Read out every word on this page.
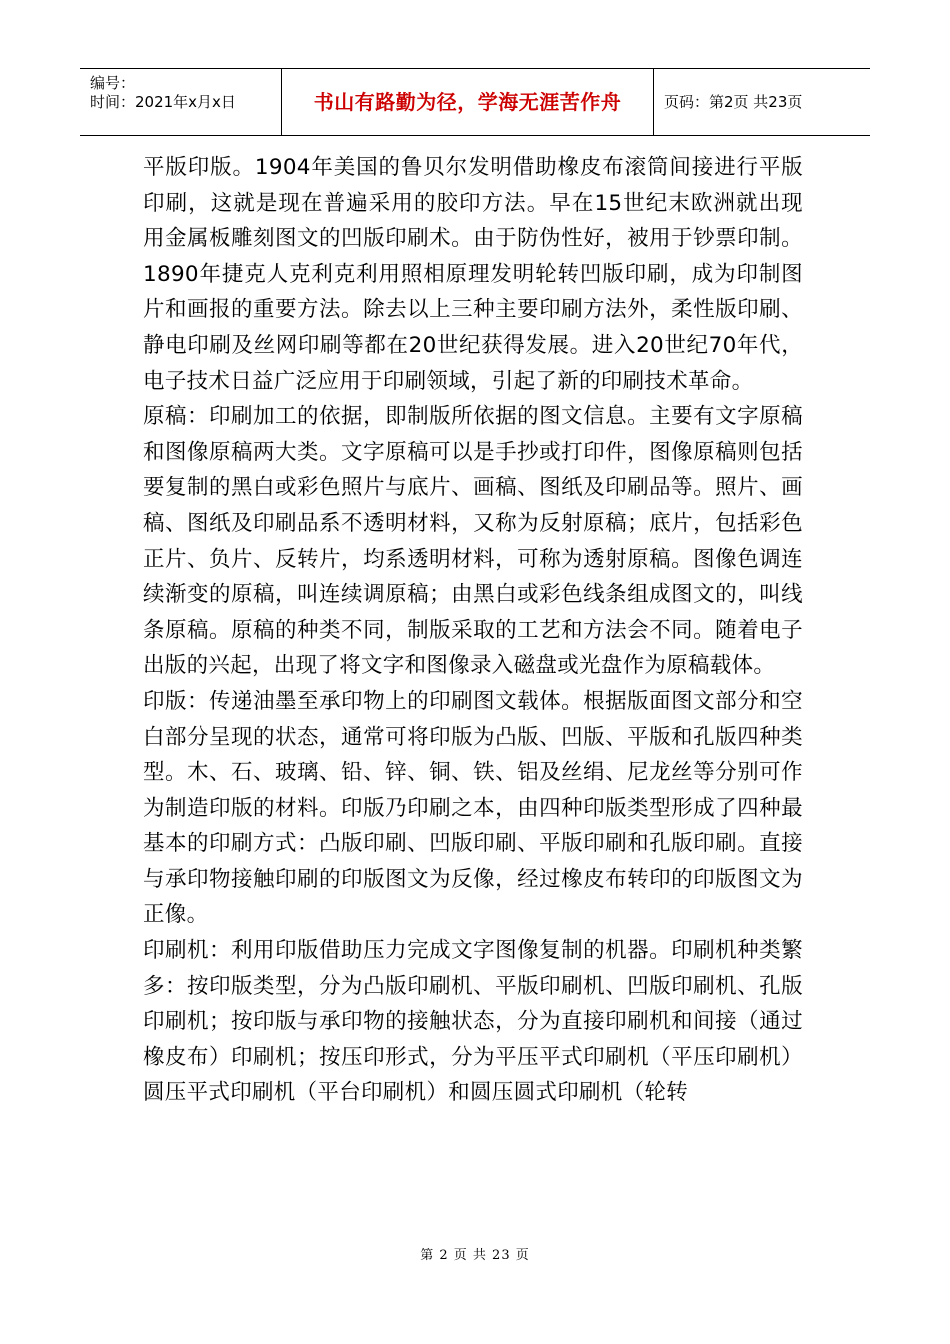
编号：
时间：2021年x月x日	书山有路勤为径，学海无涯苦作舟	页码：第2页 共23页

平版印版。1904年美国的鲁贝尔发明借助橡皮布滚筒间接进行平版印刷，这就是现在普遍采用的胶印方法。早在15世纪末欧洲就出现用金属板雕刻图文的凹版印刷术。由于防伪性好，被用于钞票印制。1890年捷克人克利克利用照相原理发明轮转凹版印刷，成为印制图片和画报的重要方法。除去以上三种主要印刷方法外，柔性版印刷、静电印刷及丝网印刷等都在20世纪获得发展。进入20世纪70年代，电子技术日益广泛应用于印刷领域，引起了新的印刷技术革命。

原稿：印刷加工的依据，即制版所依据的图文信息。主要有文字原稿和图像原稿两大类。文字原稿可以是手抄或打印件，图像原稿则包括要复制的黑白或彩色照片与底片、画稿、图纸及印刷品等。照片、画稿、图纸及印刷品系不透明材料，又称为反射原稿；底片，包括彩色正片、负片、反转片，均系透明材料，可称为透射原稿。图像色调连续渐变的原稿，叫连续调原稿；由黑白或彩色线条组成图文的，叫线条原稿。原稿的种类不同，制版采取的工艺和方法会不同。随着电子出版的兴起，出现了将文字和图像录入磁盘或光盘作为原稿载体。

印版：传递油墨至承印物上的印刷图文载体。根据版面图文部分和空白部分呈现的状态，通常可将印版为凸版、凹版、平版和孔版四种类型。木、石、玻璃、铅、锌、铜、铁、铝及丝绢、尼龙丝等分别可作为制造印版的材料。印版乃印刷之本，由四种印版类型形成了四种最基本的印刷方式：凸版印刷、凹版印刷、平版印刷和孔版印刷。直接与承印物接触印刷的印版图文为反像，经过橡皮布转印的印版图文为正像。

印刷机：利用印版借助压力完成文字图像复制的机器。印刷机种类繁多：按印版类型，分为凸版印刷机、平版印刷机、凹版印刷机、孔版印刷机；按印版与承印物的接触状态，分为直接印刷机和间接（通过橡皮布）印刷机；按压印形式，分为平压平式印刷机（平压印刷机）圆压平式印刷机（平台印刷机）和圆压圆式印刷机（轮转

第 2 页 共 23 页
